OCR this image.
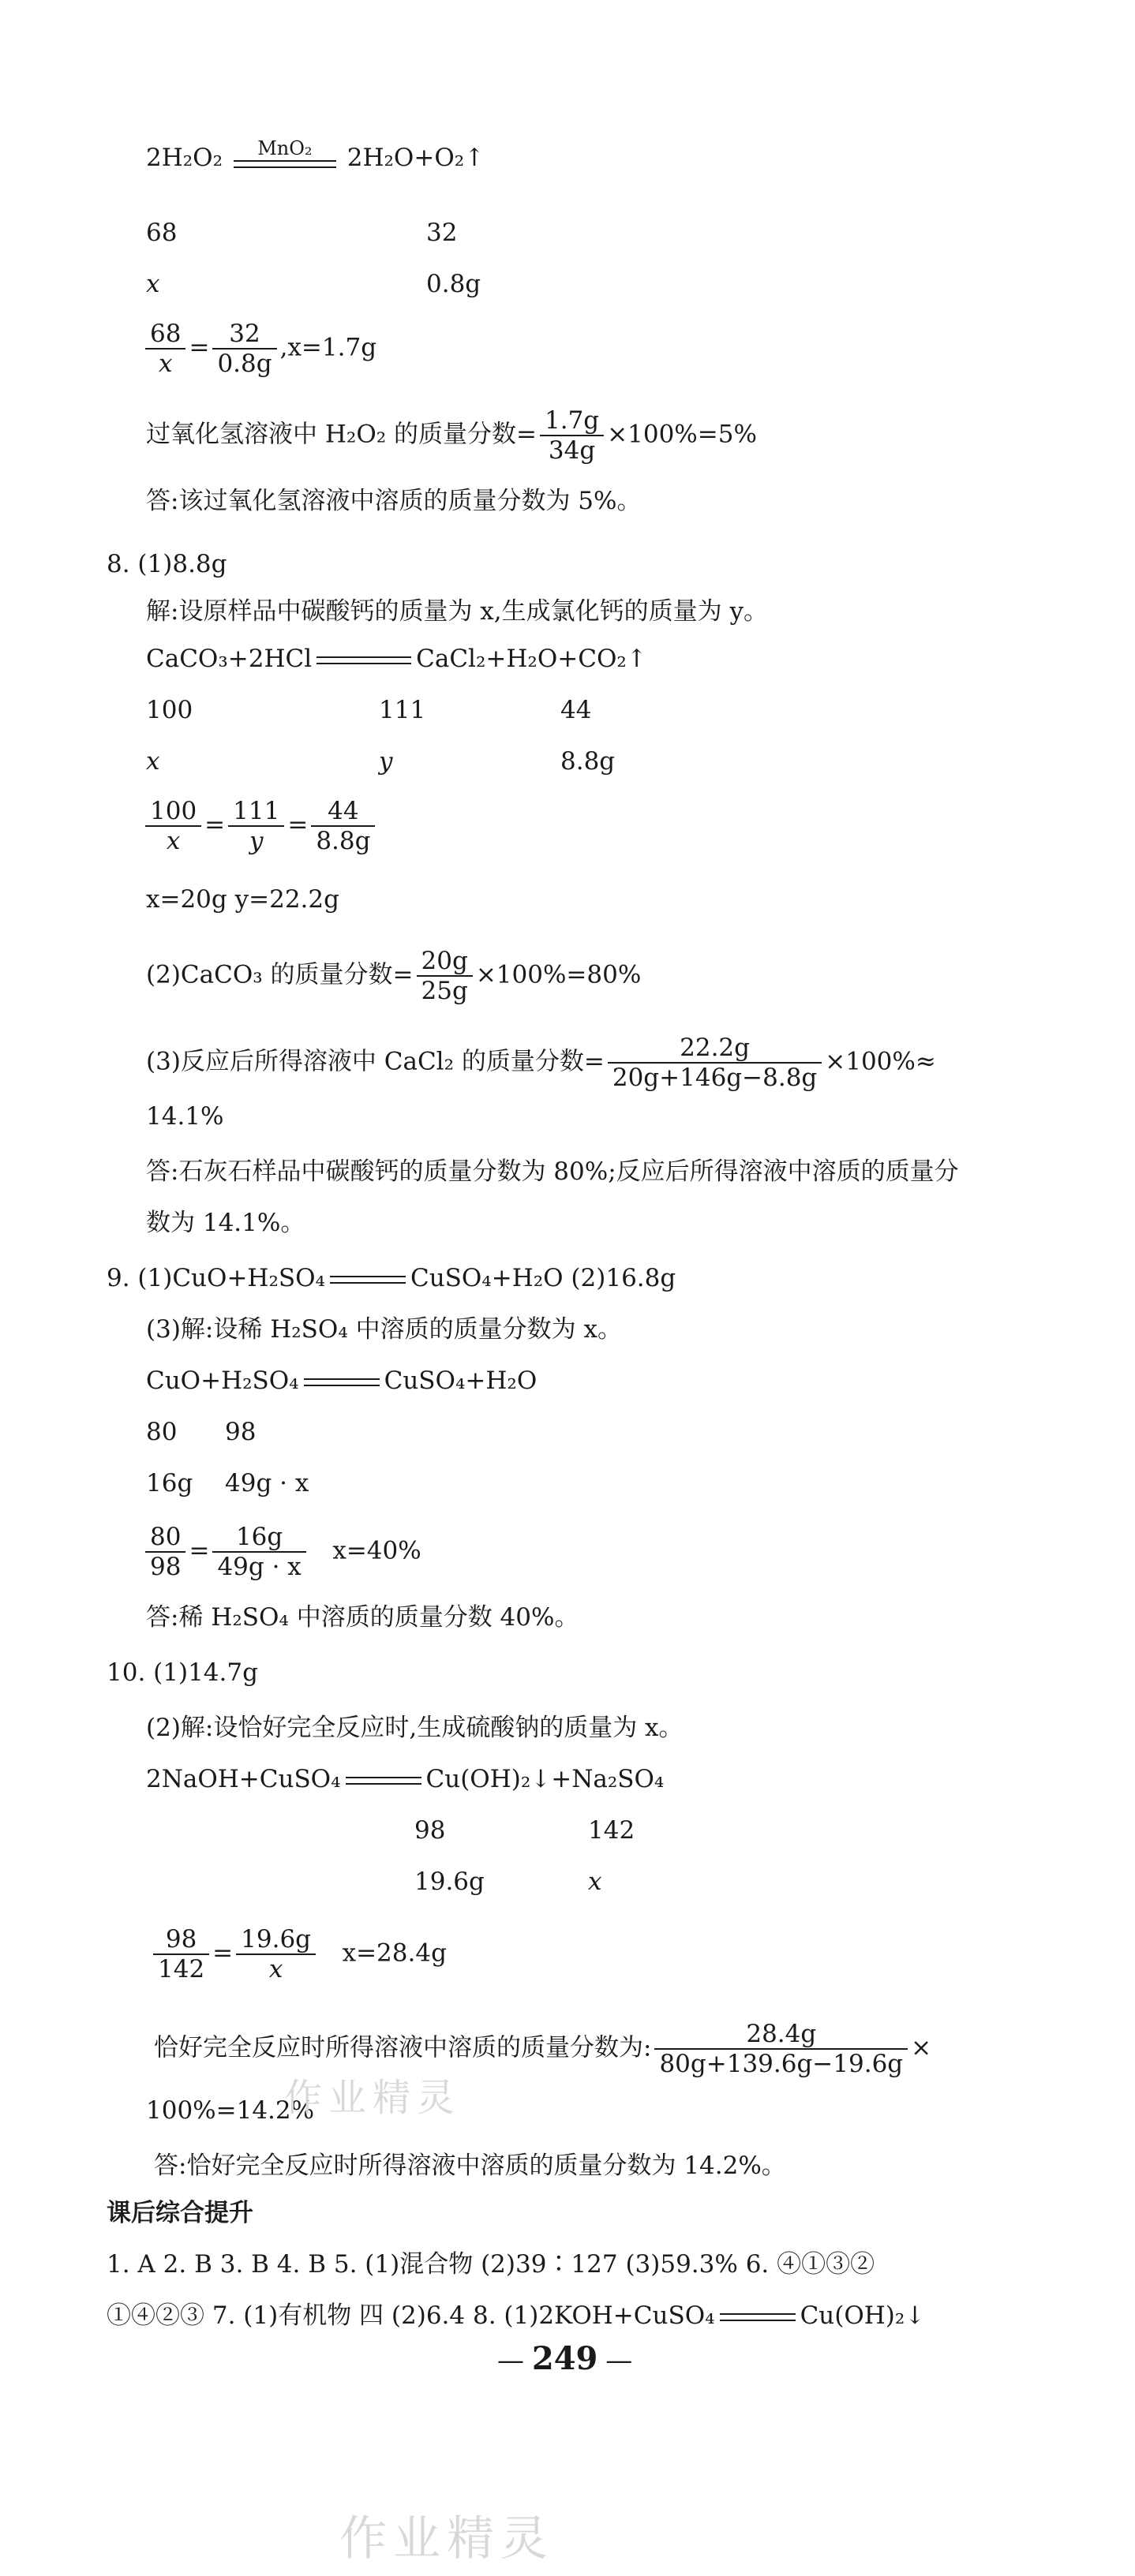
2H₂O₂	MnO₂	2H₂O+O₂↑
68	32
x	0.8g
$\frac{68}{x} = \frac{32}{0.8g} ,x=1.7g$
过氧化氢溶液中 H₂O₂ 的质量分数= $\frac{1.7g}{34g} \times 100\%=5\%$
答:该过氧化氢溶液中溶质的质量分数为 5%。
8. (1)8.8g
解:设原样品中碳酸钙的质量为 x,生成氯化钙的质量为 y。
CaCO₃+2HCl	CaCl₂+H₂O+CO₂↑
100	111	44
x	y	8.8g
$\frac{100}{x} = \frac{111}{y} = \frac{44}{8.8g}$
x=20g y=22.2g
(2)CaCO₃ 的质量分数= $\frac{20g}{25g} \times 100\%=80\%$
(3)反应后所得溶液中 CaCl₂ 的质量分数= $\frac{22.2g}{20g+146g-8.8g} \times 100\%\approx$
14.1%
答:石灰石样品中碳酸钙的质量分数为 80%;反应后所得溶液中溶质的质量分
数为 14.1%。
9. (1)CuO+H₂SO₄	CuSO₄+H₂O (2)16.8g
(3)解:设稀 H₂SO₄ 中溶质的质量分数为 x。
CuO+H₂SO₄	CuSO₄+H₂O
80 98
16g 49g · x
$\frac{80}{98} = \frac{16g}{49g \cdot x} x=40\%$
答:稀 H₂SO₄ 中溶质的质量分数 40%。
10. (1)14.7g
(2)解:设恰好完全反应时,生成硫酸钠的质量为 x。
2NaOH+CuSO₄	Cu(OH)₂↓+Na₂SO₄
98	142
19.6g	x
$\frac{98}{142} = \frac{19.6g}{x} x=28.4g$
恰好完全反应时所得溶液中溶质的质量分数为: $\frac{28.4g}{80g+139.6g-19.6g}$ ×
100%=14.2%
答:恰好完全反应时所得溶液中溶质的质量分数为 14.2%。
课后综合提升
1. A 2. B 3. B 4. B 5. (1)混合物 (2)39∶127 (3)59.3% 6. ④①③②
①④②③ 7. (1)有机物 四 (2)6.4 8. (1)2KOH+CuSO₄	Cu(OH)₂↓
— 249 —
作业精灵
作业精灵
